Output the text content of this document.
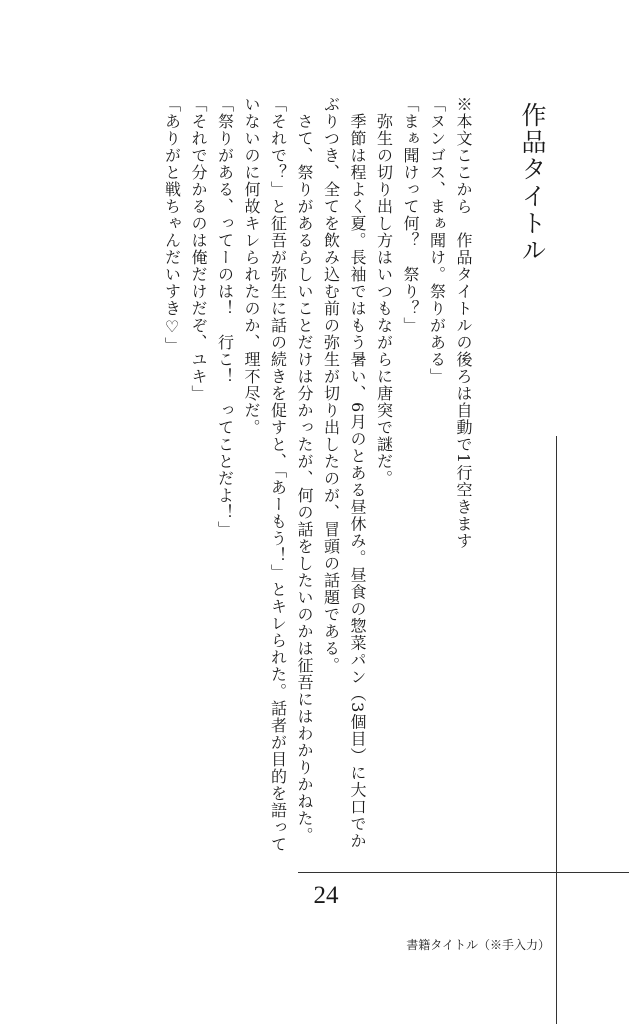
作品タイトル

※本文ここから　作品タイトルの後ろは自動で1行空きます

「ヌンゴス、まぁ聞け。祭りがある」

「まぁ聞けって何？　祭り？」

　弥生の切り出し方はいつもながらに唐突で謎だ。

　季節は程よく夏。長袖ではもう暑い、6月のとある昼休み。昼食の惣菜パン（3個目）に大口でかぶりつき、全てを飲み込む前の弥生が切り出したのが、冒頭の話題である。

　さて、祭りがあるらしいことだけは分かったが、何の話をしたいのかは征吾にはわかりかねた。「それで？」と征吾が弥生に話の続きを促すと、「あーもう！」とキレられた。話者が目的を語っていないのに何故キレられたのか、理不尽だ。

「祭りがある、ってーのは！　行こ！　ってことだよ！」

「それで分かるのは俺だけだぞ、ユキ」

「ありがと戦ちゃんだいすき♡」

24
書籍タイトル（※手入力）
